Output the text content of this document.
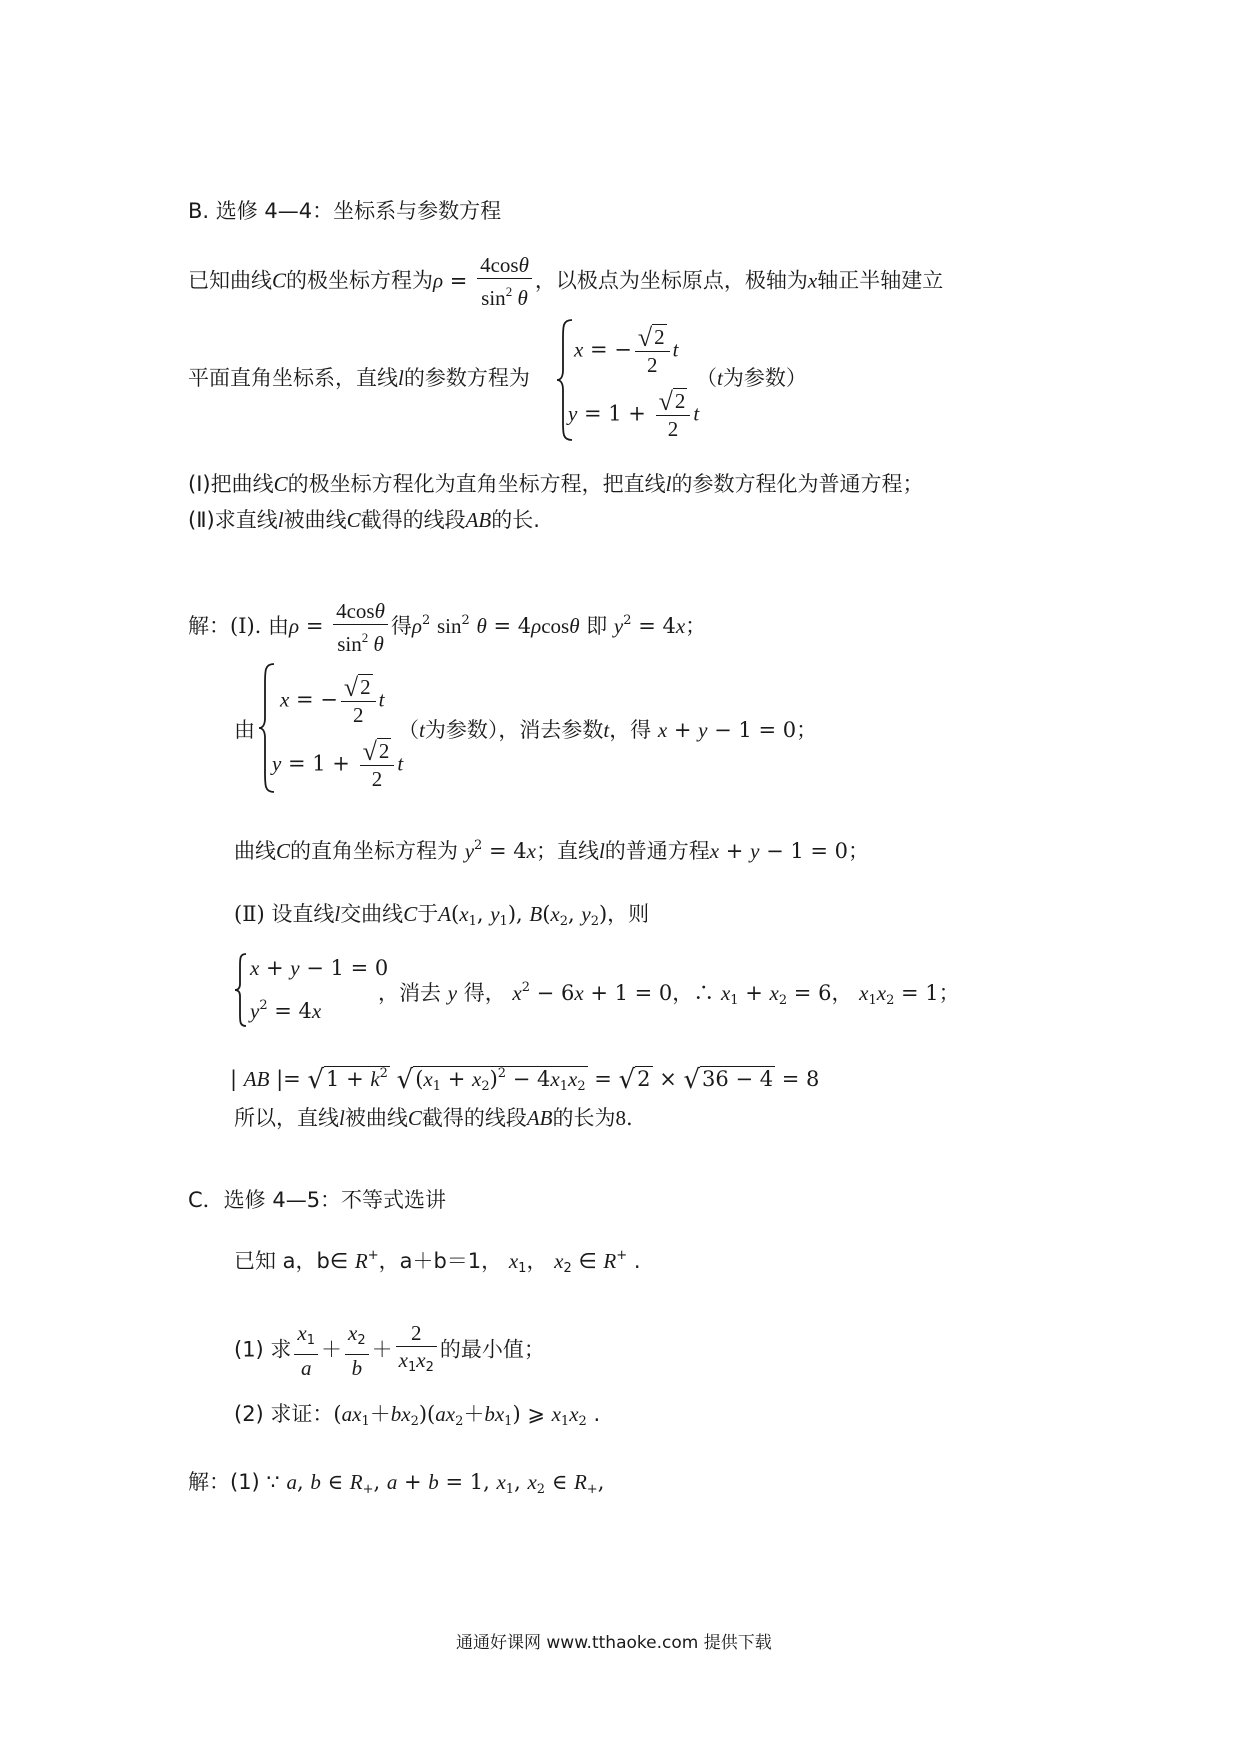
B. 选修 4—4：坐标系与参数方程
已知曲线C的极坐标方程为$\rho = \frac{4\cos\theta}{\sin^2 \theta}$ ，以极点为坐标原点，极轴为x轴正半轴建立
平面直角坐标系，直线l的参数方程为
x = − $\frac{√2}{2}$ t
$y = 1 + \frac{√2}{2}$ t
（t为参数）
(Ⅰ)把曲线C的极坐标方程化为直角坐标方程，把直线l的参数方程化为普通方程；
(Ⅱ)求直线l被曲线C截得的线段AB的长.
解：(Ⅰ). 由$\rho = \frac{4\cos\theta}{\sin^2 \theta}$ 得$\rho^2$ $\sin^2 \theta = 4\rho\cos\theta$ 即 $y^2 = 4x$；
由
x = − $\frac{√2}{2}$ t
$y = 1 + \frac{√2}{2}$ t
（t为参数），消去参数t，得 x + y − 1 = 0；
曲线C的直角坐标方程为 $y^2 = 4x$；直线l的普通方程x + y − 1 = 0；
(Ⅱ) 设直线l交曲线C于$A(x_1$, $y_1$), $B(x_2$, $y_2$)，则
x + y − 1 = 0
$y^2 = 4x$
，消去 y 得， $x^2 - 6x + 1 = 0$，∴ $x_1 + x_2 = 6$， $x_1x_2 = 1$；
| AB |= $√1 + k^2$ $√(x_1 + x_2)^2 - 4x_1x_2 = √2 \times √36 - 4 = 8$
所以，直线l被曲线C截得的线段AB的长为8.
C．选修 4—5：不等式选讲
已知 a，b∈ R+，a＋b＝1， $x_1$， $x_2$ ∈ R+ .
(1) 求 $\frac{x_1}{a} + \frac{x_2}{b} + \frac{2}{x_1x_2}$ 的最小值；
(2) 求证：$(ax_1+bx_2)(ax_2+bx_1)$ ⩾ $x_1x_2$ .
解：(1) ∵ a, b ∈ $R_+$, a + b = 1, $x_1$, $x_2$ ∈ $R_+$,
通通好课网 www.tthaoke.com 提供下载
